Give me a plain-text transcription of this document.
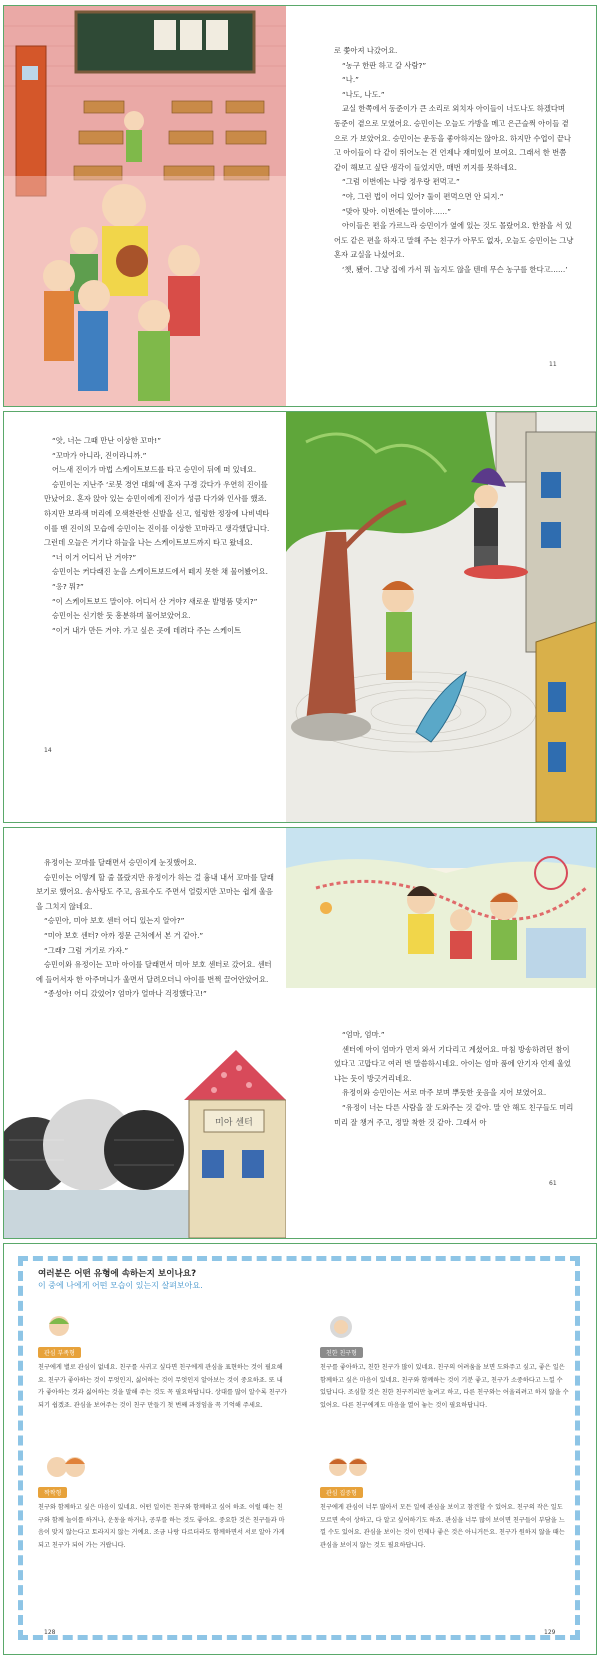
로 쫓아져 나갔어요.

“농구 한판 하고 갈 사람?”

“나.”

“나도, 나도.”

교실 한쪽에서 동준이가 큰 소리로 외치자 아이들이 너도나도 하겠다며 동준이 곁으로 모였어요. 승민이는 오늘도 가방을 메고 은근슬쩍 아이들 곁으로 가 보았어요. 승민이는 운동을 좋아하지는 않아요. 하지만 수업이 끝나고 아이들이 다 같이 뛰어노는 건 언제나 재미있어 보여요. 그래서 한 번쯤 같이 해보고 싶단 생각이 들었지만, 매번 끼지를 못하네요.

“그럼 이번에는 나랑 정우랑 편먹고.”

“야, 그런 법이 어디 있어? 둘이 편먹으면 안 되지.”

“맞아 맞아. 이번에는 말이야……”

아이들은 편을 가르느라 승민이가 옆에 있는 것도 몰랐어요. 한참을 서 있어도 같은 편을 하자고 말해 주는 친구가 아무도 없자, 오늘도 승민이는 그냥 혼자 교실을 나섰어요.

‘쳇, 됐어. 그냥 집에 가서 뭐 놀지도 않을 텐데 무슨 농구를 한다고……’

11

“앗, 너는 그때 만난 이상한 꼬마!”

“꼬마가 아니라, 진이라니까.”

어느새 진이가 마법 스케이트보드를 타고 승민이 뒤에 떠 있네요.

승민이는 지난주 ‘로봇 경연 대회’에 혼자 구경 갔다가 우연히 진이를 만났어요. 혼자 앉아 있는 승민이에게 진이가 성큼 다가와 인사를 했죠. 하지만 보라색 머리에 오색찬란한 신발을 신고, 헐렁한 정장에 나비넥타이를 맨 진이의 모습에 승민이는 진이를 이상한 꼬마라고 생각했답니다. 그런데 오늘은 거기다 하늘을 나는 스케이트보드까지 타고 왔네요.

“너 이거 어디서 난 거야?”

승민이는 커다래진 눈을 스케이트보드에서 떼지 못한 채 물어봤어요.

“응? 뭐?”

“이 스케이트보드 말이야. 어디서 산 거야? 새로운 발명품 맞지?”

승민이는 신기한 듯 흥분하며 물어보았어요.

“이거 내가 만든 거야. 가고 싶은 곳에 데려다 주는 스케이트

14

유정이는 꼬마를 달래면서 승민이게 눈짓했어요.

승민이는 어떻게 할 줄 몰랐지만 유정이가 하는 걸 흉내 내서 꼬마를 달래 보기로 했어요. 솜사탕도 주고, 음료수도 주면서 얼렀지만 꼬마는 쉽게 울음을 그치지 않네요.

“승민아, 미아 보호 센터 어디 있는지 알아?”

“미아 보호 센터? 아까 정문 근처에서 본 거 같아.”

“그래? 그럼 거기로 가자.”

승민이와 유정이는 꼬마 아이를 달래면서 미아 보호 센터로 갔어요. 센터에 들어서자 한 아주머니가 울면서 달려오더니 아이를 번쩍 끌어안았어요.

“종성아! 어디 갔었어? 엄마가 얼마나 걱정했다고!”

미아 센터

“엄마, 엄마.”

센터에 아이 엄마가 먼저 와서 기다리고 계셨어요. 마침 방송하려던 참이었다고 고맙다고 여러 번 말씀하시네요. 아이는 엄마 품에 안기자 언제 울었냐는 듯이 방긋거리네요.

유정이와 승민이는 서로 마주 보며 뿌듯한 웃음을 지어 보였어요.

“유정이 너는 다른 사람을 잘 도와주는 것 같아. 말 안 해도 친구들도 미리미리 잘 챙겨 주고, 정말 착한 것 같아. 그래서 아

61
여러분은 어떤 유형에 속하는지 보이나요?
이 중에 나에게 어떤 모습이 있는지 살펴보아요.
관심 부족형
친구에게 별로 관심이 없네요. 친구를 사귀고 싶다면 친구에게 관심을 표현하는 것이 필요해요. 친구가 좋아하는 것이 무엇인지, 싫어하는 것이 무엇인지 알아보는 것이 중요하죠. 또 내가 좋아하는 것과 싫어하는 것을 말해 주는 것도 꼭 필요하답니다. 상대를 많이 알수록 친구가 되기 쉽겠죠. 관심을 보여주는 것이 친구 만들기 첫 번째 과정임을 꼭 기억해 주세요.
친한 친구형
친구를 좋아하고, 친한 친구가 많이 있네요. 친구의 어려움을 보면 도와주고 싶고, 좋은 일은 함께하고 싶은 마음이 있네요. 친구와 함께하는 것이 기분 좋고, 친구가 소중하다고 느낄 수 있답니다. 조심할 것은 친한 친구끼리만 놀려고 하고, 다른 친구와는 어울리려고 하지 않을 수 있어요. 다른 친구에게도 마음을 열어 놓는 것이 필요하답니다.
짝짝형
친구와 함께하고 싶은 마음이 있네요. 어떤 일이든 친구와 함께하고 싶어 하죠. 이럴 때는 친구와 함께 놀이를 하거나, 운동을 하거나, 공부를 하는 것도 좋아요. 중요한 것은 친구들과 마음이 맞지 않는다고 토라지지 않는 거예요. 조금 나랑 다르더라도 함께하면서 서로 알아 가게 되고 친구가 되어 가는 거랍니다.
관심 집중형
친구에게 관심이 너무 많아서 모든 일에 관심을 보이고 참견할 수 있어요. 친구의 작은 일도 모르면 속이 상하고, 다 알고 싶어하기도 하죠. 관심을 너무 많이 보이면 친구들이 부담을 느낄 수도 있어요. 관심을 보이는 것이 언제나 좋은 것은 아니거든요. 친구가 원하지 않을 때는 관심을 보이지 않는 것도 필요하답니다.
128	129
